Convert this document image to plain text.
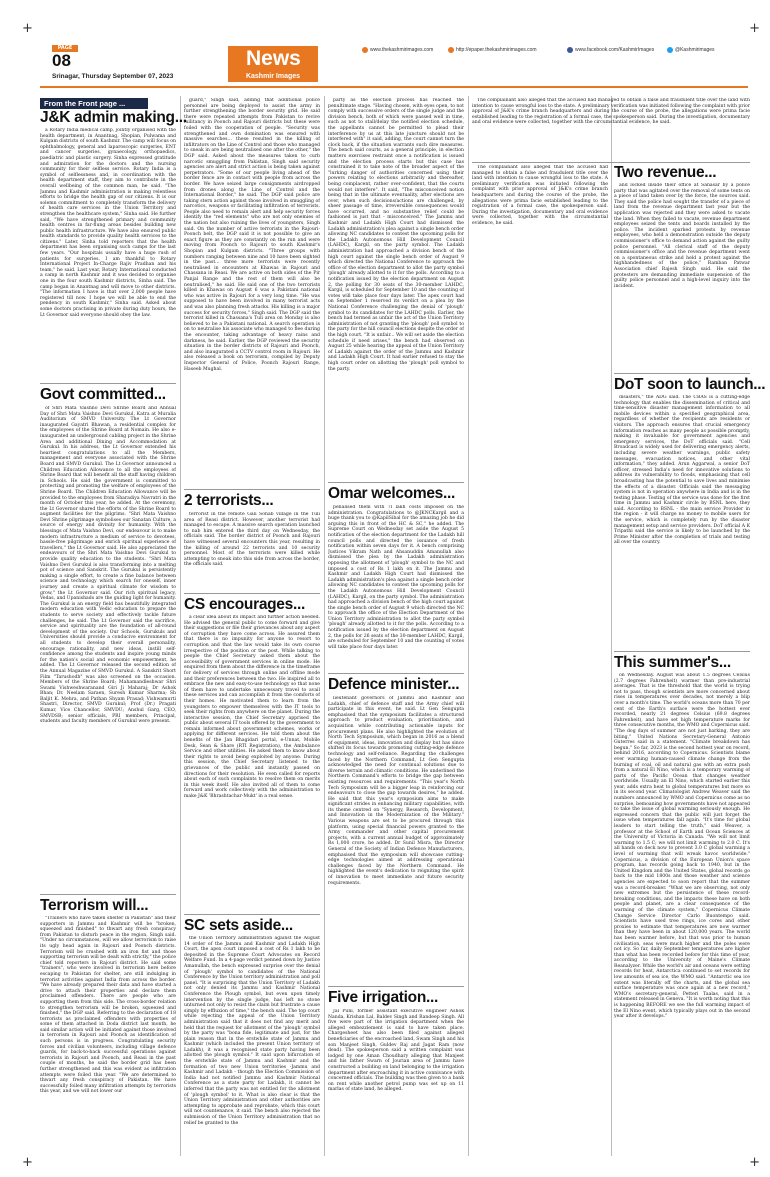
+	+
+	+
PAGE
08
Srinagar, Thursday September 07, 2023
News
Kashmir Images
www.thekashmirimages.com	http://epaper.thekashmirimages.com	www.facebook.com/KashmirImages	@Kashmirimages
From the Front page ...
J&K admin making...

a Rotary India medical camp, jointly organised with the health department, in Anantnag, Shopian, Pulwama and Kulgam districts of south Kashmir. The camp will focus on ophthalmology, general and laparoscopic surgeries, ENT and cancer surgeries, gynaecology, orthopaedics, paediatric and plastic surgery. Sinha expressed gratitude and admiration for the doctors and the nursing community for their selfless service. Rotary India is a symbol of selflessness and, in coordination with the health department staff, they aim to contribute in the overall wellbeing of the common man, he said. "The Jammu and Kashmir administration is making relentless efforts to bridge the health gap of our citizens. It is our solemn commitment to completely transform the delivery of health care services in the Union Territory and strengthen the healthcare system," Sinha said. He further said, "We have strengthened primary and community health centres in far-flung areas besides building new public health infrastructure. We have also ensured public health standards to provide quality health services to the citizens." Later, Sinha told reporters that the health department has been organising such camps for the last few years. "Our hospitals usually have a huge rush of patients for surgeries. I am thankful to Rotary International Project In-Charge Rajiv Pradhan and his team," he said. Last year, Rotary International conducted a camp in north Kashmir and it was decided to organise one in the four south Kashmir districts, Sinha said. The camp began in Anantnag and will move to other districts. "The information I have is that over 2,000 people have registered till now. I hope we will be able to end the pendency in south Kashmir," Sinha said. Asked about some doctors practising in private during duty hours, the Lt Governor said everyone should obey the law.

Govt committed...

of Shri Mata Vaishno Devi Shrine Board and Annual Day of Shri Mata Vaishno Devi Gurukul, Katra at Muralia Auditorium of SMVD University. The Lt Governor inaugurated Gayatri Bhawan, a residential complex for the employees of the Shrine Board at Nomain. He also e-inaugurated an underground cabling project in the Shrine Area and additional Dining and Accommodation at Gurukul. In his address, the Lt Governor extended his heartiest congratulations to all the Members, management and everyone associated with the Shrine Board and SMVD Gurukul. The Lt Governor announced a Children Education Allowance to all the employees of Shrine Board that will benefit all the staff having children in Schools. He said the government is committed to protecting and promoting the welfare of employees of the Shrine Board. The Children Education Allowance will be provided to the employees from Sharadiya Navratri in the month of October this year, he added. At the ceremony, the Lt Governor shared the efforts of the Shrine Board to augment facilities for the pilgrims. "Shri Mata Vaishno Devi Shrine pilgrimage symbolises our Sanatan Culture, a source of energy and divinity for humanity. With the blessings of Mata Vaishno Devi, our endeavour is to make modern infrastructure a medium of service to devotees, hassle-free pilgrimage and enrich spiritual experience of travellers," the Lt Governor said. He also appreciated the endeavours of the Shri Mata Vaishno Devi Gurukul to provide quality education to the students. "Shri Mata Vaishno Devi Gurukul is also transforming into a melting pot of science and Sanskrit. The Gurukul is persistently making a single effort, to create a fine balance between science and technology which search for oneself, inner journey and create a spiritual climate for wisdom to grow," the Lt Governor said. Our rich spiritual legacy, Vedas, and Upanishads are the guiding light for humanity. The Gurukul is an energy field has beautifully integrated modern education with Vedic education to prepare the students to serve society and effectively tackle future challenges, he said. The Lt Governor said the sacrifice, service and spirituality are the foundation of all-round development of the society. Our Schools, Gurukuls and Universities should provide a conducive environment for all students to develop their overall personality, encourage rationality, and new ideas, instill self-confidence among the students and inspire young minds for the nation's social and economic empowerment, he added. The Lt Governor released the second edition of the Annual Magazine of SMVD Gurukul. A Sanskrit Short Film "Tarushodh" was also screened on the occasion. Members of the Shrine Board; Mahamandleshwar Shri Swami Vishweshwaranand Giri Ji Maharaj; Dr Ashok Bhan; Dr. Neelam Saraen, Suresh Kumar Sharma; Sh Baljit K. Mehra, and Pathan Shyam Prasad; Vishwamurti Shastri, Director, SMVD Gurukul; Prof (Dr.) Pragati Kumar, Vice Chancellor, SMVDU; Anshul Garg, CEO, SMVDSB; senior officials, PRI members, Principal, students and faculty members of Gurukul were present.

Terrorism will...

"Trainers who have taken shelter in Pakistan" and their supporters in Jammu and Kashmir will be "broken, squeezed and finished" to thwart any fresh conspiracy from Pakistan to disturb peace in the region, Singh said. "Under no circumstances, will we allow terrorism to raise its ugly head again in Rajouri and Poonch districts. Terrorism will be crushed with an iron fist and those supporting terrorism will be dealt with strictly," the police chief told reporters in Rajouri district. He said some "trainers", who were involved in terrorism here before escaping to Pakistan for shelter, are still indulging in terrorist activities against India from across the border. "We have already prepared their data and have started a drive to attach their properties and declare them proclaimed offenders. There are people who are supporting them from this side. The cross-border relation to strengthen terrorism will be broken, squeezed and finished," the DGP said. Referring to the declaration of 18 terrorists as proclaimed offenders with properties of some of them attached in Doda district last month, he said similar action will be initiated against those involved in terrorism in Rajouri and Poonch as identification of such persons is in progress. Congratulating security forces and civilian volunteers, including village defence guards, for back-to-back successful operations against terrorists in Rajouri and Poonch, and Reasi in the past couple of months, he said the border grid has been further strengthened and this was evident as infiltration attempts were foiled this year. "We are determined to thwart any fresh conspiracy of Pakistan. We have successfully foiled many infiltration attempts by terrorists this year, and we will not lower our

guard," Singh said, adding that additional police personnel are being deployed to assist the army in further strengthening the border security grid. He said there were repeated attempts from Pakistan to revive militancy in Poonch and Rajouri districts but these were foiled with the cooperation of people. "Security was strengthened and own domination was ensured with massive searches... these resulted in the killing of infiltrators on the Line of Control and those who managed to sneak in are being neutralised one after the other," the DGP said. Asked about the measures taken to curb narcotic smuggling from Pakistan, Singh said security agencies are alert and strict action is being taken against perpetrators. "Some of our people living ahead of the border fence are in contact with people from across the border. We have seized large consignments airdropped from drones along the Line of Control and the International Border," he said. The DGP said police are taking stern action against those involved in smuggling of narcotics, weapons or facilitating infiltration of terrorists. People also need to remain alert and help security forces identify the "red elements" who are not only enemies of the nation but also ruining the lives of youngsters, Singh said. On the number of active terrorists in the Rajouri-Poonch belt, the DGP said it is not possible to give an exact figure as they are constantly on the run and were moving from Poonch to Rajouri to south Kashmir's Shopian and Kulgam districts. "Three groups with numbers ranging between nine and 10 have been sighted in the past... three more terrorists were recently neutralised in encounters at Khawas in Rajouri and Chassana in Reasi. We are active on both sides of the Pir Panjal Range and the rest of them will also be neutralised," he said. He said one of the two terrorists killed in Khawas on August 6 was a Pakistani national who was active in Rajouri for a very long time. "He was supposed to have been involved in many terrorist acts and was also planning fresh attacks. His killing is a major success for security forces," Singh said. The DGP said the terrorist killed in Chassana's Tuli area on Monday is also believed to be a Pakistani national. A search operation is on to neutralise his associate who managed to flee during the encounter, taking advantage of heavy rains and darkness, he said. Earlier, the DGP reviewed the security situation in the border districts of Rajouri and Poonch, and also inaugurated a CCTV control room in Rajouri. He also released a book on terrorism, compiled by Deputy Inspector General of Police, Poonch Rajouri Range, Haseeb Mughal.

2 terrorists...

terrorist in the remote Gali Sohab village in the Tuli area of Reasi district. However, another terrorist had managed to escape. A massive search operation launched to nab him entered the third day on Wednesday, the officials said. The border district of Poonch and Rajouri have witnessed several encounters this year, resulting in the killing of around 22 terrorists and 10 security personnel. Most of the terrorists were killed while attempting to sneak into this side from across the border, the officials said.

CS encourages...

a clear idea about its impact and further action needed. He advised the general public to come forward and give their suggestions or file their grievances about any aspect of corruption they have come across. He assured them that there is no impunity for anyone to resort to corruption and that the law would take its own course irrespective of the position or the post. While talking to people the Chief Secretary asked them about the accessibility of government services in online mode. He enquired from them about the difference in the timeframe for delivery of services through online and offline mode and their preferences between the two. He inspired all to embrace the new and easy-to-use technology so that none of them have to undertake unnecessary travel to avail these services and can accomplish it from the comforts of their homes. He motivated them to learn from the youngsters to empower themselves with the IT tools to seek their rights from anywhere on the planet. During the interactive session, the Chief Secretary apprised the public about several IT tools offered by the government to remain informed about government schemes, works or applying for different services. He told them about the benefits of the Jan Bhagidari portal, e-Unnat, Mobile Desk, Sean & Share (RTI Registration), the Ambulance Service and other utilities. He asked them to know about their rights to avoid being exploited by anyone. During this session, the Chief Secretary listened to the grievances of the public and instantly passed on directions for their resolution. He even called for reports about each of such complaints to resolve them on merits in this week itself. He also invited all of them to come forward and work collectively with the administration to make J&K 'Bhrashtachar-Mukt' in a real sense.

SC sets aside...

the Union Territory administration against the August 14 order of the Jammu and Kashmir and Ladakh High Court, the apex court imposed a cost of Rs 1 lakh to be deposited in the Supreme Court Advocates on Record Welfare Fund. In a 4-page verdict penned down by Justice Amanullah, the bench expressed surprise over the denial of 'plough' symbol to candidates of the National Conference by the Union territory administration and poll panel. "It is surprising that the Union Territory of Ladakh not only denied its Jammu and Kashmir National Conference the Plough symbol, but even upon timely intervention by the single judge, has left no stone unturned not only to resist the claim but frustrate a cause simply by effluxion of time," the bench said. The top court while rejecting the appeal of the Union Territory administration said that it does not find any merit and held that the request for allotment of the 'plough' symbol by the party was "bona fide, legitimate and just, for the plain reason that in the erstwhile state of Jammu and Kashmir (which included the present Union territory of Ladakh), it was a recognised state party having been allotted the plough symbol." It said upon bifurcation of the erstwhile state of Jammu and Kashmir and the formation of two new Union territories -Jammu and Kashmir and Ladakh - though the Election Commission of India had not notified Jammu and Kashmir National Conference as a state party for Ladakh, it cannot be inferred that the party was not entitled for the allotment of 'plough symbol' to it. What is also clear is that the Union Territory administration and other authorities are attempting to approbate and reprobate, which this court will not countenance, it said. The bench also rejected the submission of the Union Territory administration that no relief be granted to the

party as the election process has reached the penultimate stage. "Having chosen, with eyes open, to not comply with successive orders of the single judge and the division bench, both of which were passed well in time, such as not to stall/delay the notified election schedule, the appellants cannot be permitted to plead their interference by us at this late juncture should not be interfered with" it said, adding, the court cannot turn the clock back, if the situation warrants such dire measures. The bench said courts, as a general principle, in election matters exercises restraint once a notification is issued and the election process starts but this case has constrained it to take note of the broader aspect of the "lurking danger of authorities concerned using their powers relating to elections arbitrarily and thereafter, being complacent, rather over-confident, that the courts would not interfere". It said, "The misconceived notion being that in the ultimate eventuality, after elections are over, when such decisions/actions are challenged, by sheer passage of time, irreversible consequences would have occurred, and no substantive relief could be fashioned is just that - misconceived." The Jammu and Kashmir and Ladakh High Court had dismissed the Ladakh administration's plea against a single bench order allowing NC candidates to contest the upcoming polls for the Ladakh Autonomous Hill Development Council (LAHDC), Kargil, on the party symbol. The Ladakh administration had approached a division bench of the high court against the single bench order of August 9 which directed the National Conference to approach the office of the election department to allot the party symbol 'plough' already allotted to it for the polls. According to a notification issued by the election department on August 2, the polling for 30 seats of the 30-member LAHDC, Kargil, is scheduled for September 10 and the counting of votes will take place four days later. The apex court had on September 1 reserved its verdict on a plea by the National Conference challenging the denial of 'plough' symbol to its candidates for the LAHDC polls. Earlier, the bench had termed as unfair the act of the Union Territory administration of not granting the 'plough' poll symbol to the party for the hill council elections despite the order of the high court. "It is unfair... We will set aside the election schedule if need arises," the bench had observed on August 25 while hearing the appeal of the Union Territory of Ladakh against the order of the Jammu and Kashmir and Ladakh High Court. It had earlier refused to stay the high court order on allotting the 'plough' poll symbol to the party.

Omar welcomes...

penalised them with 7l lakh costs imposed on the administration. Congratulations to @JKNCKargil and a huge thank you to @KapilSibal for the amazing job he did arguing this in front of the HC & SC," he added. The Supreme Court on Wednesday set aside the August 5 notification of the election department for the Ladakh hill council polls and directed the issuance of fresh notification within seven days for it. A bench comprising Justices Vikram Nath and Ahsanuddin Amanullah also dismissed the plea by the Ladakh administration opposing the allotment of 'plough' symbol to the NC and imposed a cost of Rs 1 lakh on it. The Jammu and Kashmir and Ladakh High Court had dismissed the Ladakh administration's plea against a single bench order allowing NC candidates to contest the upcoming polls for the Ladakh Autonomous Hill Development Council (LAHDC), Kargil, on the party symbol. The administration had approached a division bench of the high court against the single bench order of August 9 which directed the NC to approach the office of the Election Department of the Union Territory administration to allot the party symbol 'plough' already allotted to it for the polls. According to a notification issued by the election department on August 2, the polls for 26 seats of the 30-member LAHDC, Kargil, are scheduled for September 10 and the counting of votes will take place four days later.

Defence minister...

lieutenant governors of Jammu and Kashmir and Ladakh, chief of defence staff and the Army chief will participate in this event, he said. Lt Gen Sengupta emphasised that the symposium facilitates a structured approach to product evaluation, prioritisation, and acquisition while contributing actionable inputs for procurement plans. He also highlighted the evolution of North Tech Symposium, which began in 2016 as a blend of equipment, ideas, innovation and display but has since shifted its focus towards promoting cutting-edge defence technology and self-reliance. Regarding the challenges faced by the Northern Command, Lt Gen Sengupta acknowledged the need for continual solutions due to diverse terrain and climatic conditions. He underlined the Northern Command's efforts to bridge the gap between existing resources and requirements. "This year's North Tech Symposium will be a bigger leap in reinforcing our endeavours to close the gap towards desires," he added. He said that this year's symposium aims to make significant strides in enhancing military capabilities, with its theme centred on "Synergy, Research, Development, and Innovation in the Modernization of the Military." Various weapons are set to be procured through this platform, using special financial powers granted to the Army commander and other capital procurement projects, with a current annual budget of approximately Rs 1,000 crore, he added. Dr Sunil Misra, the Director General of the Society of Indian Defence Manufacturers, emphasised that the symposium will showcase cutting-edge technologies aimed at addressing operational challenges faced by the Northern Command. He highlighted the event's dedication to reigniting the spirit of innovation to meet immediate and future security requirements.

Five irrigation...

Jal Puni, former assistant executive engineer Ashok Nanda, Krishan Lal, Baldev Singh and Randeep Singh. All five were part of the irrigation department when the alleged embezzlement is said to have taken place. Chargesheet has also been filed against alleged beneficiaries of the encroached land, Swam Singh and his son Manjeet Singh, Guldev Raj and Jagat Ram (now dead). The spokesperson said a written complaint was lodged by one Aman Choudhary alleging that Manjeet and his father Swarn of Jourian area of Jammu have constructed a building on land belonging to the irrigation department after encroaching it in active connivance with concerned officials. The building was then given to a bank on rent while another petrol pump was set up on 11 marlas of state land, he alleged.

The complainant also alleged that the accused had managed to obtain a false and fraudulent title over the land with intention to cause wrongful loss to the state. A preliminary verification was initiated following the complaint with prior approval of J&K's crime branch headquarters and during the course of the probe, the allegations were prima facie established leading to the registration of a formal case, the spokesperson said. During the investigation, documentary and oral evidence were collected, together with the circumstantial evidence, he said.

Two revenue...

and locked inside their office at Sanasar by a police party that was agitated over the removal of some tents on a piece of land taken over by the force, the sources said. They said the police had sought the transfer of a piece of land from the revenue department last year but the application was rejected and they were asked to vacate the land. When they failed to vacate, revenue department employees seized the tents and boards installed by the police. The incident sparked protests by revenue employees, who held a demonstration outside the deputy commissioner's office to demand action against the guilty police personnel. "All clerical staff of the deputy commissioner's office and the revenue department went on a spontaneous strike and held a protest against the highhandedness of the police," Ramban Patwar Association chief Rajesh Singh said. He said the protesters are demanding immediate suspension of the guilty police personnel and a high-level inquiry into the incident.

DoT soon to launch...

disasters," the ADG said. The CBAS is a cutting-edge technology that enables the dissemination of critical and time-sensitive disaster management information to all mobile devices within a specified geographical area, regardless of whether the recipients are residents or visitors. The approach ensures that crucial emergency information reaches as many people as possible promptly, making it invaluable for government agencies and emergency services, the DoT officials said. "Cell Broadcast is widely used for delivering emergency alerts, including severe weather warnings, public safety messages, evacuation notices, and other vital information," they added. Arun Aggarwal, a senior DoT officer, stressed India's need for innovative solutions to address its vulnerability to floods, emphasising that cell broadcasting has the potential to save lives and minimise the effects of a disaster. Officials said the messaging system is not in operation anywhere in India and is in the testing phase. Testing of the service was done for the first time in Jammu and Kashmir circle by BSNL here, they said. According to BSNL - the main service Provider in the region - it will charge no money to mobile users for the service, which is completely run by the disaster management setup and service providers. DoT official A K Tripathi said the service is likely to be launched by the Prime Minister after the completion of trials and testing all over the country.

This summer's...

on Wednesday. August was about 1.5 degrees Celsius (2.7 degrees Fahrenheit) warmer than pre-industrial averages. That is the threshold that the world is trying not to pass, though scientists are more concerned about rises in temperatures over decades, not merely a blip over a month's time. The world's oceans more than 70 per cent of the Earth's surface were the hottest ever recorded, nearly 21 degrees Celsius (69.8 degrees Fahrenheit), and have set high temperature marks for three consecutive months, the WMO and Copernicus said. "The dog days of summer are not just barking, they are biting," United Nations Secretary-General Antonio Guterres said in a statement. "Climate breakdown has begun." So far, 2023 is the second hottest year on record, behind 2016, according to Copernicus. Scientists blame ever warming human-caused climate change from the burning of coal, oil and natural gas with an extra push from a natural El Nino, which is a temporary warming of parts of the Pacific Ocean that changes weather worldwide. Usually an El Nino, which started earlier this year, adds extra heat to global temperatures but more so in its second year. Climatologist Andrew Weaver said the numbers announced by WMO and Copernicus come as no surprise, bemoaning how governments have not appeared to take the issue of global warming seriously enough. He expressed concern that the public will just forget the issue when temperatures fall again. "It's time for global leaders to start telling the truth," said Weaver, a professor at the School of Earth and Ocean Sciences at the University of Victoria in Canada. "We will not limit warming to 1.5 C; we will not limit warming to 2.0 C. It's all hands on deck now to prevent 3.0 C global warming a level of warming that will wreak havoc worldwide." Copernicus, a division of the European Union's space program, has records going back to 1940, but in the United Kingdom and the United States, global records go back to the mid 1800s and those weather and science agencies are expected to soon report that the summer was a record-breaker. "What we are observing, not only new extremes but the persistence of these record-breaking conditions, and the impacts these have on both people and planet, are a clear consequence of the warming of the climate system," Copernicus Climate Change Service Director Carlo Buontempo said. Scientists have used tree rings, ice cores and other proxies to estimate that temperatures are now warmer than they have been in about 120,000 years. The world has been warmer before, but that was prior to human civilisation, seas were much higher and the poles were not icy. So far, daily September temperatures are higher than what has been recorded before for this time of year, according to the University of Maine's Climate Reanalyzer. While the world's air and oceans were setting records for heat, Antarctica continued to set records for low amounts of sea ice, the WMO said. "Antarctic sea ice extent was literally off the charts, and the global sea surface temperature was once again at a new record," WMO's secretary-general, Petteri Taalas, said in a statement released in Geneva. "It is worth noting that this is happening BEFORE we see the full warming impact of the El Nino event, which typically plays out in the second year after it develops."

The complainant also alleged that the accused had managed to obtain a false and fraudulent title over the land with intention to cause wrongful loss to the state. A preliminary verification was initiated following the complaint with prior approval of J&K's crime branch headquarters and during the course of the probe, the allegations were prima facie established leading to the registration of a formal case, the spokesperson said. During the investigation, documentary and oral evidence were collected, together with the circumstantial evidence, he said.
